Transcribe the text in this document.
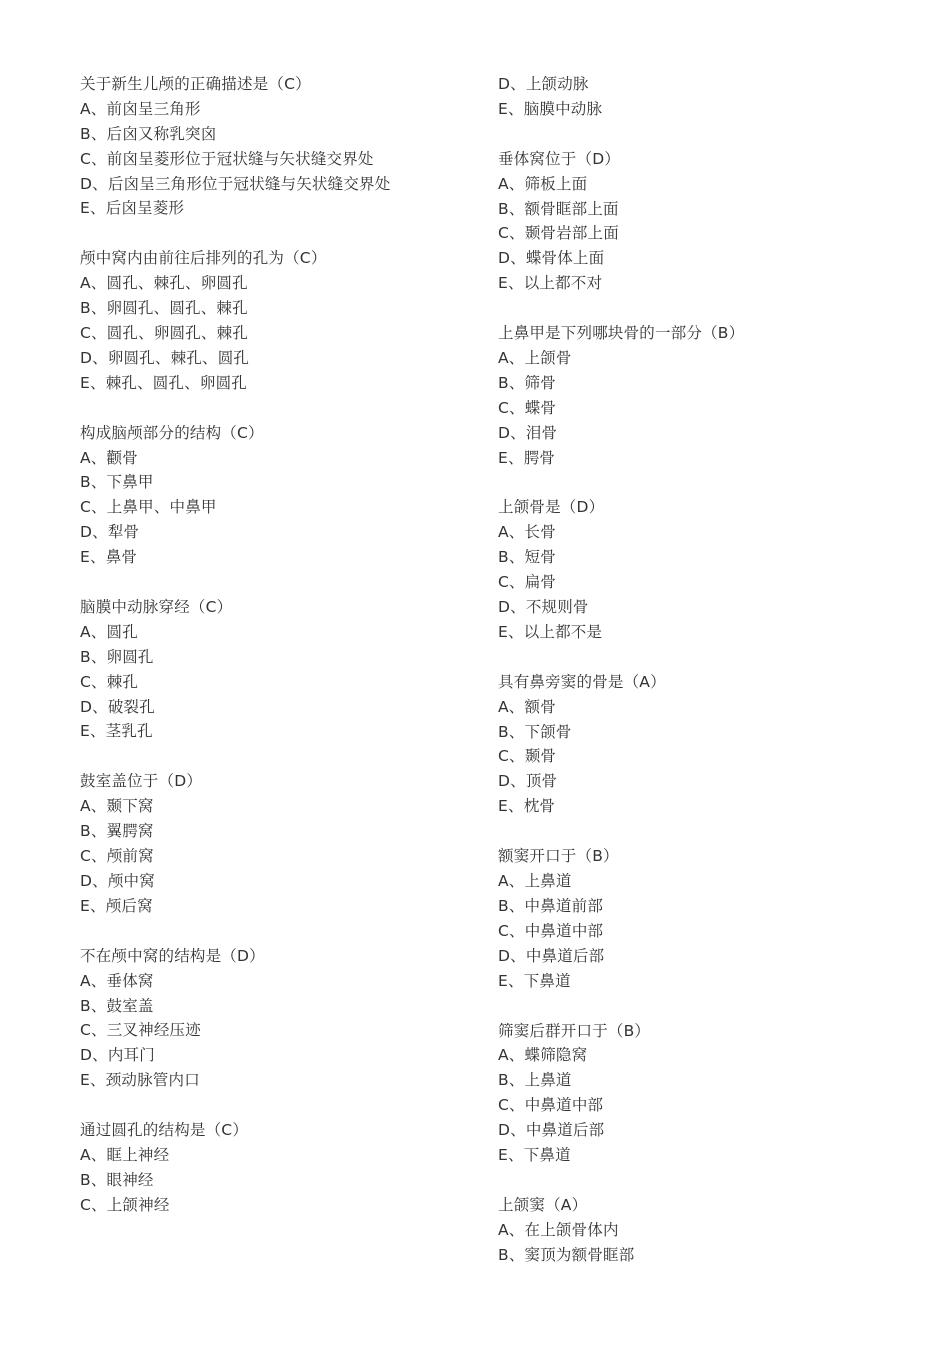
关于新生儿颅的正确描述是（C）
A、前囟呈三角形
B、后囟又称乳突囟
C、前囟呈菱形位于冠状缝与矢状缝交界处
D、后囟呈三角形位于冠状缝与矢状缝交界处
E、后囟呈菱形
颅中窝内由前往后排列的孔为（C）
A、圆孔、棘孔、卵圆孔
B、卵圆孔、圆孔、棘孔
C、圆孔、卵圆孔、棘孔
D、卵圆孔、棘孔、圆孔
E、棘孔、圆孔、卵圆孔
构成脑颅部分的结构（C）
A、颧骨
B、下鼻甲
C、上鼻甲、中鼻甲
D、犁骨
E、鼻骨
脑膜中动脉穿经（C）
A、圆孔
B、卵圆孔
C、棘孔
D、破裂孔
E、茎乳孔
鼓室盖位于（D）
A、颞下窝
B、翼腭窝
C、颅前窝
D、颅中窝
E、颅后窝
不在颅中窝的结构是（D）
A、垂体窝
B、鼓室盖
C、三叉神经压迹
D、内耳门
E、颈动脉管内口
通过圆孔的结构是（C）
A、眶上神经
B、眼神经
C、上颌神经
D、上颌动脉
E、脑膜中动脉
垂体窝位于（D）
A、筛板上面
B、额骨眶部上面
C、颞骨岩部上面
D、蝶骨体上面
E、以上都不对
上鼻甲是下列哪块骨的一部分（B）
A、上颌骨
B、筛骨
C、蝶骨
D、泪骨
E、腭骨
上颌骨是（D）
A、长骨
B、短骨
C、扁骨
D、不规则骨
E、以上都不是
具有鼻旁窦的骨是（A）
A、额骨
B、下颌骨
C、颞骨
D、顶骨
E、枕骨
额窦开口于（B）
A、上鼻道
B、中鼻道前部
C、中鼻道中部
D、中鼻道后部
E、下鼻道
筛窦后群开口于（B）
A、蝶筛隐窝
B、上鼻道
C、中鼻道中部
D、中鼻道后部
E、下鼻道
上颌窦（A）
A、在上颌骨体内
B、窦顶为额骨眶部
